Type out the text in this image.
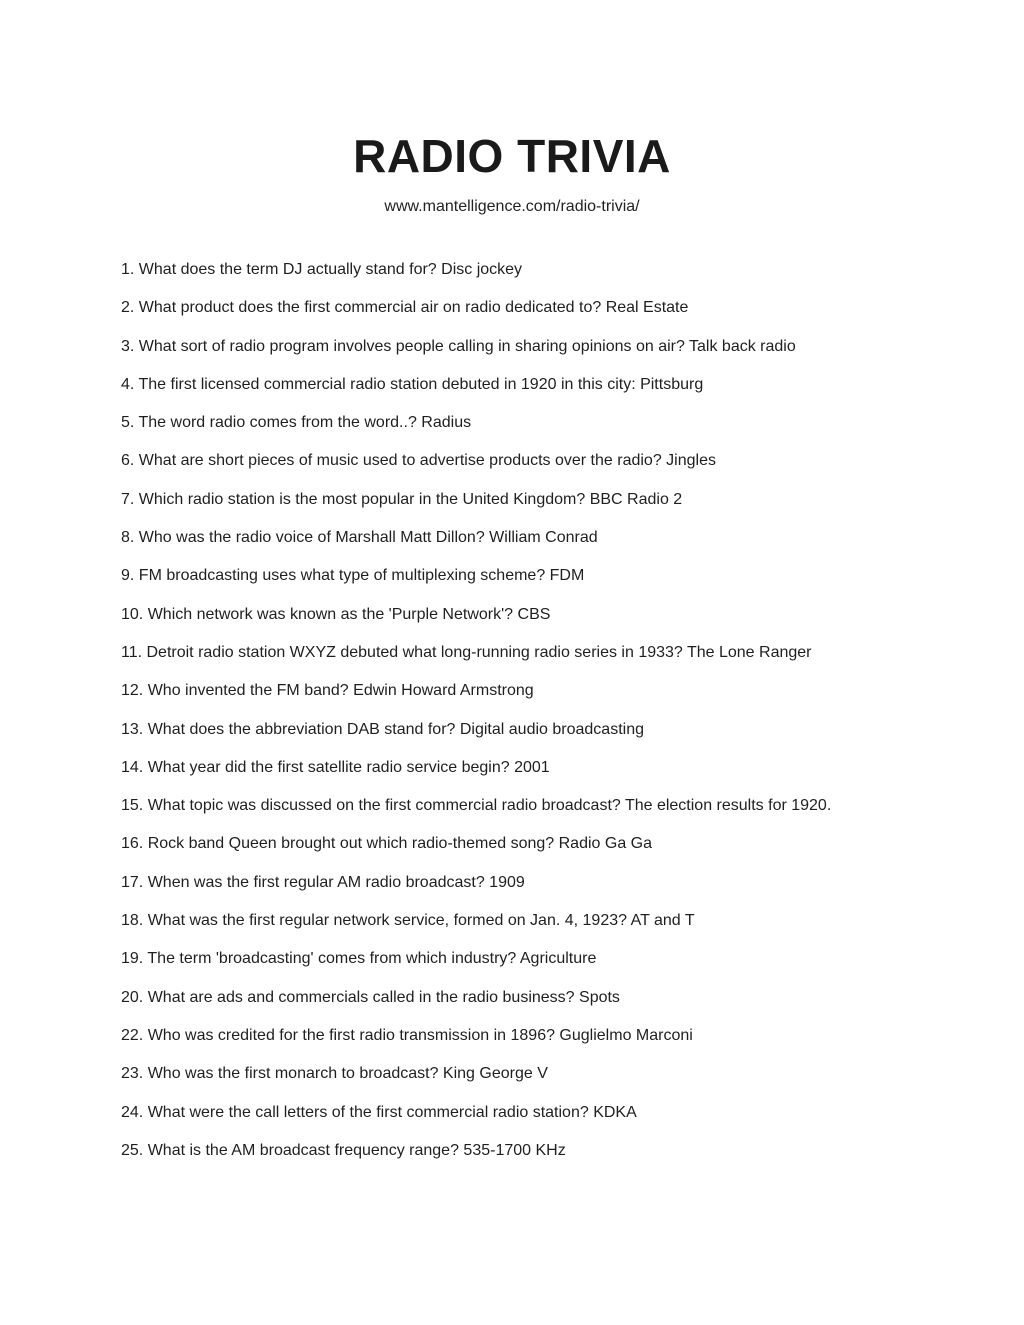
RADIO TRIVIA
www.mantelligence.com/radio-trivia/
1. What does the term DJ actually stand for? Disc jockey
2. What product does the first commercial air on radio dedicated to? Real Estate
3. What sort of radio program involves people calling in sharing opinions on air? Talk back radio
4. The first licensed commercial radio station debuted in 1920 in this city: Pittsburg
5. The word radio comes from the word..? Radius
6. What are short pieces of music used to advertise products over the radio? Jingles
7. Which radio station is the most popular in the United Kingdom? BBC Radio 2
8. Who was the radio voice of Marshall Matt Dillon? William Conrad
9. FM broadcasting uses what type of multiplexing scheme? FDM
10. Which network was known as the 'Purple Network'? CBS
11. Detroit radio station WXYZ debuted what long-running radio series in 1933? The Lone Ranger
12. Who invented the FM band? Edwin Howard Armstrong
13. What does the abbreviation DAB stand for? Digital audio broadcasting
14. What year did the first satellite radio service begin? 2001
15. What topic was discussed on the first commercial radio broadcast? The election results for 1920.
16. Rock band Queen brought out which radio-themed song? Radio Ga Ga
17. When was the first regular AM radio broadcast? 1909
18. What was the first regular network service, formed on Jan. 4, 1923? AT and T
19. The term 'broadcasting' comes from which industry? Agriculture
20. What are ads and commercials called in the radio business? Spots
22. Who was credited for the first radio transmission in 1896? Guglielmo Marconi
23. Who was the first monarch to broadcast? King George V
24. What were the call letters of the first commercial radio station? KDKA
25. What is the AM broadcast frequency range? 535-1700 KHz
